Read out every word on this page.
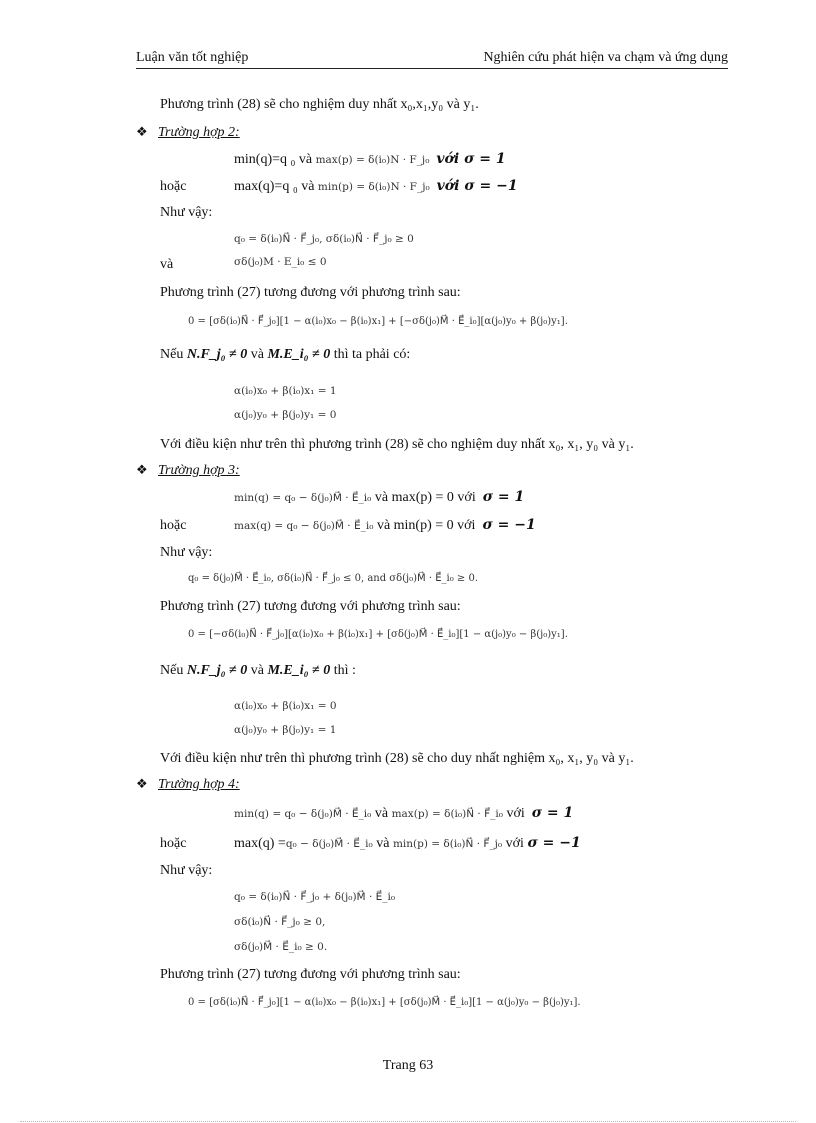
Luận văn tốt nghiệp	Nghiên cứu phát hiện va chạm và ứng dụng
Phương trình (28) sẽ cho nghiệm duy nhất x₀,x₁,y₀ và y₁.
❖ Trường hợp 2:
min(q)=q ₀ và max(p) = δ(i₀)N · F_j₀ với σ = 1
hoặc	max(q)=q ₀ và min(p) = δ(i₀)N · F_j₀ với σ = −1
Như vậy:
q₀ = δ(i₀)N⃗ · F⃗_j₀, σδ(i₀)N⃗ · F⃗_j₀ ≥ 0
và	σδ(j₀)M · E_i₀ ≤ 0
Phương trình (27) tương đương với phương trình sau:
0 = [σδ(i₀)N⃗ · F⃗_j₀][1 − α(i₀)x₀ − β(i₀)x₁] + [−σδ(j₀)M⃗ · E⃗_i₀][α(j₀)y₀ + β(j₀)y₁].
Nếu N.F_j₀ ≠ 0 và M.E_i₀ ≠ 0 thì ta phải có:
α(i₀)x₀ + β(i₀)x₁ = 1
α(j₀)y₀ + β(j₀)y₁ = 0
Với điều kiện như trên thì phương trình (28) sẽ cho nghiệm duy nhất x₀, x₁, y₀ và y₁.
❖ Trường hợp 3:
min(q) = q₀ − δ(j₀)M⃗ · E⃗_i₀ và max(p) = 0 với σ = 1
hoặc	max(q) = q₀ − δ(j₀)M⃗ · E⃗_i₀ và min(p) = 0 với σ = −1
Như vậy:
q₀ = δ(j₀)M⃗ · E⃗_i₀, σδ(i₀)N⃗ · F⃗_j₀ ≤ 0, and σδ(j₀)M⃗ · E⃗_i₀ ≥ 0.
Phương trình (27) tương đương với phương trình sau:
0 = [−σδ(i₀)N⃗ · F⃗_j₀][α(i₀)x₀ + β(i₀)x₁] + [σδ(j₀)M⃗ · E⃗_i₀][1 − α(j₀)y₀ − β(j₀)y₁].
Nếu N.F_j₀ ≠ 0 và M.E_i₀ ≠ 0 thì :
α(i₀)x₀ + β(i₀)x₁ = 0
α(j₀)y₀ + β(j₀)y₁ = 1
Với điều kiện như trên thì phương trình (28) sẽ cho duy nhất nghiệm x₀, x₁, y₀ và y₁.
❖ Trường hợp 4:
min(q) = q₀ − δ(j₀)M⃗ · E⃗_i₀ và max(p) = δ(i₀)N⃗ · F⃗_i₀ với σ = 1
hoặc	max(q) =q₀ − δ(j₀)M⃗ · E⃗_i₀ và min(p) = δ(i₀)N⃗ · F⃗_j₀ với σ = −1
Như vậy:
q₀ = δ(i₀)N⃗ · F⃗_j₀ + δ(j₀)M⃗ · E⃗_i₀
σδ(i₀)N⃗ · F⃗_j₀ ≥ 0,
σδ(j₀)M⃗ · E⃗_i₀ ≥ 0.
Phương trình (27) tương đương với phương trình sau:
0 = [σδ(i₀)N⃗ · F⃗_j₀][1 − α(i₀)x₀ − β(i₀)x₁] + [σδ(j₀)M⃗ · E⃗_i₀][1 − α(j₀)y₀ − β(j₀)y₁].
Trang 63
